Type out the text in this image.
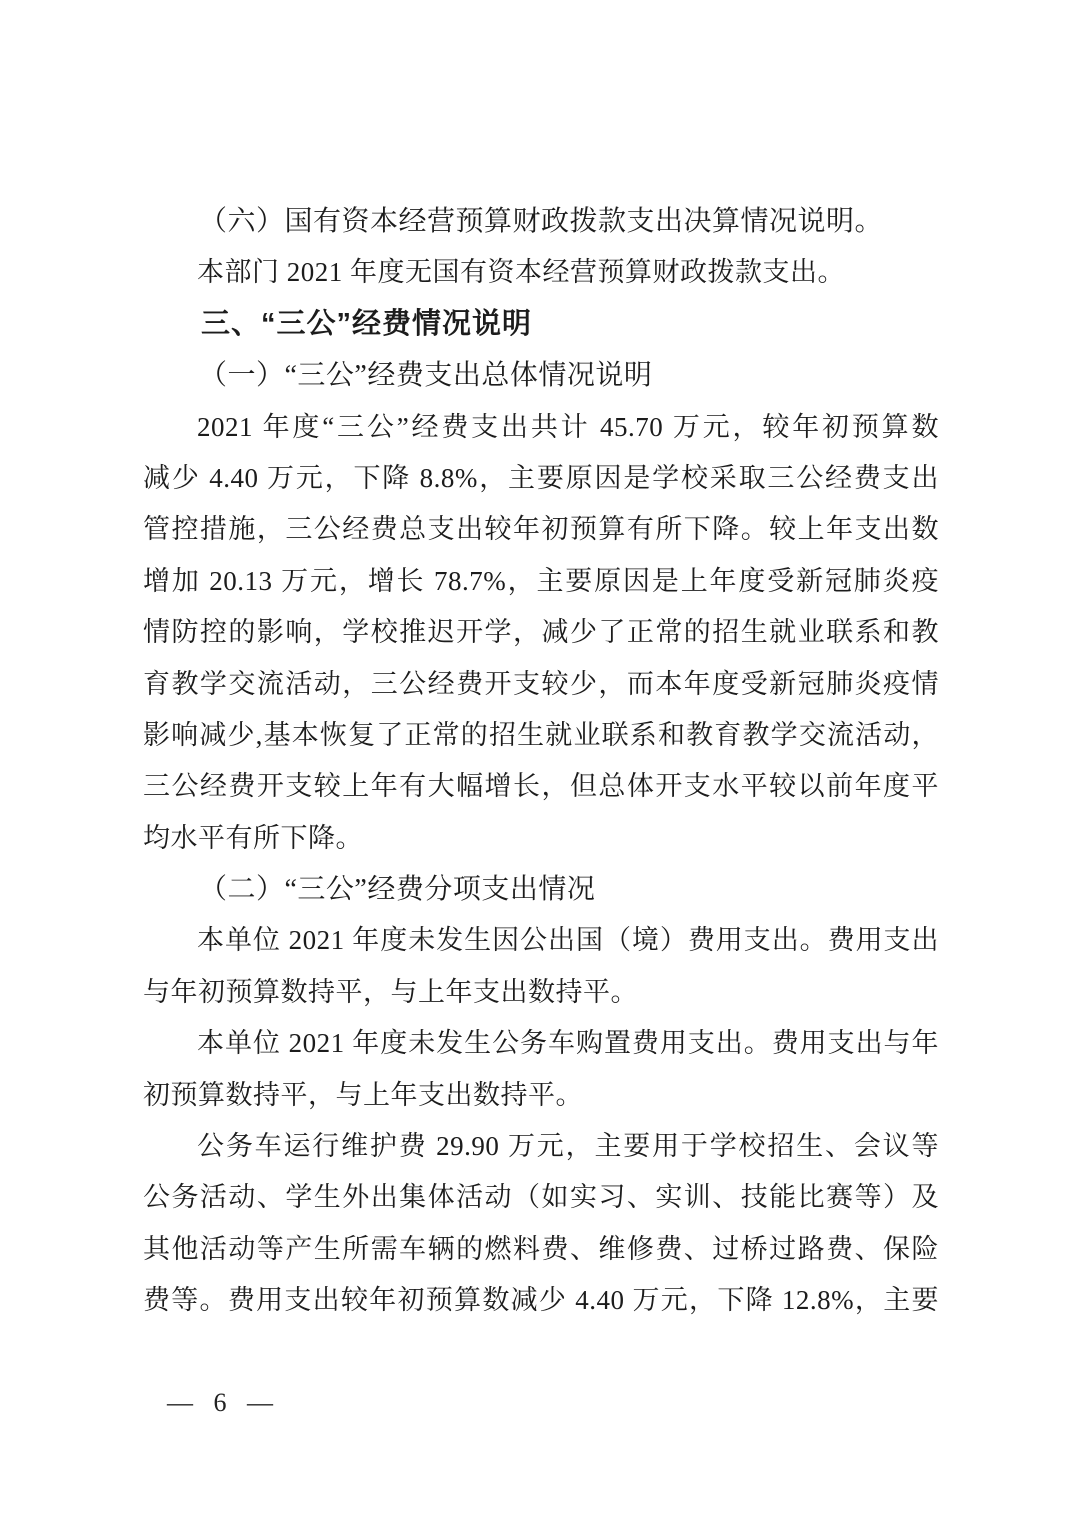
（六）国有资本经营预算财政拨款支出决算情况说明。
本部门 2021 年度无国有资本经营预算财政拨款支出。
三、“三公”经费情况说明
（一）“三公”经费支出总体情况说明
2021 年度“三公”经费支出共计 45.70 万元，较年初预算数
减少 4.40 万元，下降 8.8%，主要原因是学校采取三公经费支出
管控措施，三公经费总支出较年初预算有所下降。较上年支出数
增加 20.13 万元，增长 78.7%，主要原因是上年度受新冠肺炎疫
情防控的影响，学校推迟开学，减少了正常的招生就业联系和教
育教学交流活动，三公经费开支较少，而本年度受新冠肺炎疫情
影响减少,基本恢复了正常的招生就业联系和教育教学交流活动，
三公经费开支较上年有大幅增长，但总体开支水平较以前年度平
均水平有所下降。
（二）“三公”经费分项支出情况
本单位 2021 年度未发生因公出国（境）费用支出。费用支出
与年初预算数持平，与上年支出数持平。
本单位 2021 年度未发生公务车购置费用支出。费用支出与年
初预算数持平，与上年支出数持平。
公务车运行维护费 29.90 万元，主要用于学校招生、会议等
公务活动、学生外出集体活动（如实习、实训、技能比赛等）及
其他活动等产生所需车辆的燃料费、维修费、过桥过路费、保险
费等。费用支出较年初预算数减少 4.40 万元，下降 12.8%，主要
— 6 —
